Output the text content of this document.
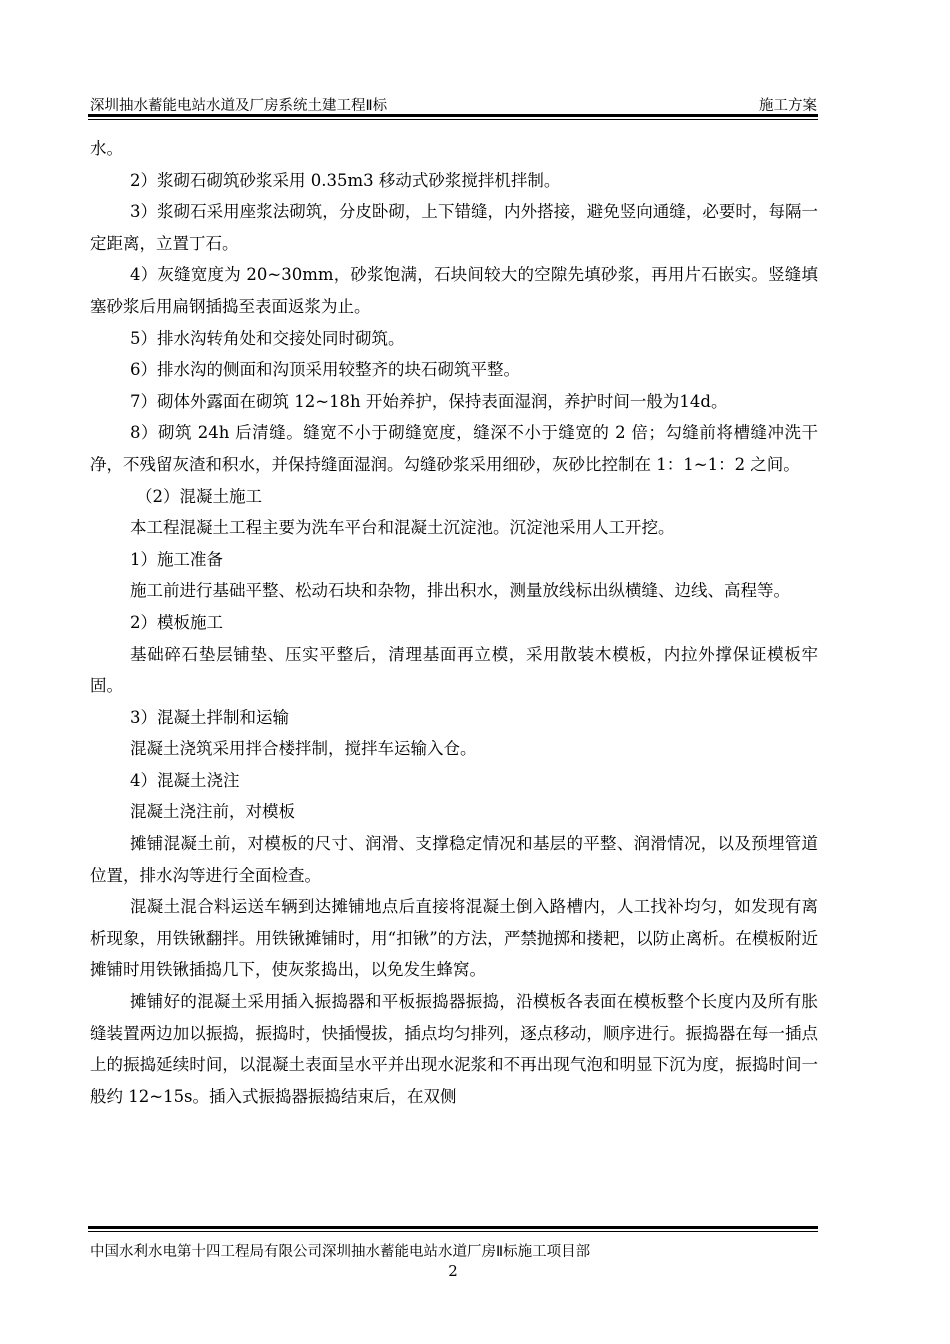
深圳抽水蓄能电站水道及厂房系统土建工程Ⅱ标	施工方案

水。

2）浆砌石砌筑砂浆采用 0.35m3 移动式砂浆搅拌机拌制。

3）浆砌石采用座浆法砌筑，分皮卧砌，上下错缝，内外搭接，避免竖向通缝，必要时，每隔一定距离，立置丁石。

4）灰缝宽度为 20~30mm，砂浆饱满，石块间较大的空隙先填砂浆，再用片石嵌实。竖缝填塞砂浆后用扁钢插捣至表面返浆为止。

5）排水沟转角处和交接处同时砌筑。

6）排水沟的侧面和沟顶采用较整齐的块石砌筑平整。

7）砌体外露面在砌筑 12~18h 开始养护，保持表面湿润，养护时间一般为14d。

8）砌筑 24h 后清缝。缝宽不小于砌缝宽度，缝深不小于缝宽的 2 倍；勾缝前将槽缝冲洗干净，不残留灰渣和积水，并保持缝面湿润。勾缝砂浆采用细砂，灰砂比控制在 1：1~1：2 之间。

（2）混凝土施工

本工程混凝土工程主要为洗车平台和混凝土沉淀池。沉淀池采用人工开挖。

1）施工准备

施工前进行基础平整、松动石块和杂物，排出积水，测量放线标出纵横缝、边线、高程等。

2）模板施工

基础碎石垫层铺垫、压实平整后，清理基面再立模，采用散装木模板，内拉外撑保证模板牢固。

3）混凝土拌制和运输

混凝土浇筑采用拌合楼拌制，搅拌车运输入仓。

4）混凝土浇注

混凝土浇注前，对模板

摊铺混凝土前，对模板的尺寸、润滑、支撑稳定情况和基层的平整、润滑情况，以及预埋管道位置，排水沟等进行全面检查。

混凝土混合料运送车辆到达摊铺地点后直接将混凝土倒入路槽内，人工找补均匀，如发现有离析现象，用铁锹翻拌。用铁锹摊铺时，用“扣锹”的方法，严禁抛掷和搂耙，以防止离析。在模板附近摊铺时用铁锹插捣几下，使灰浆捣出，以免发生蜂窝。

摊铺好的混凝土采用插入振捣器和平板振捣器振捣，沿模板各表面在模板整个长度内及所有胀缝装置两边加以振捣，振捣时，快插慢拔，插点均匀排列，逐点移动，顺序进行。振捣器在每一插点上的振捣延续时间，以混凝土表面呈水平并出现水泥浆和不再出现气泡和明显下沉为度，振捣时间一般约 12~15s。插入式振捣器振捣结束后，在双侧

中国水利水电第十四工程局有限公司深圳抽水蓄能电站水道厂房Ⅱ标施工项目部
2
